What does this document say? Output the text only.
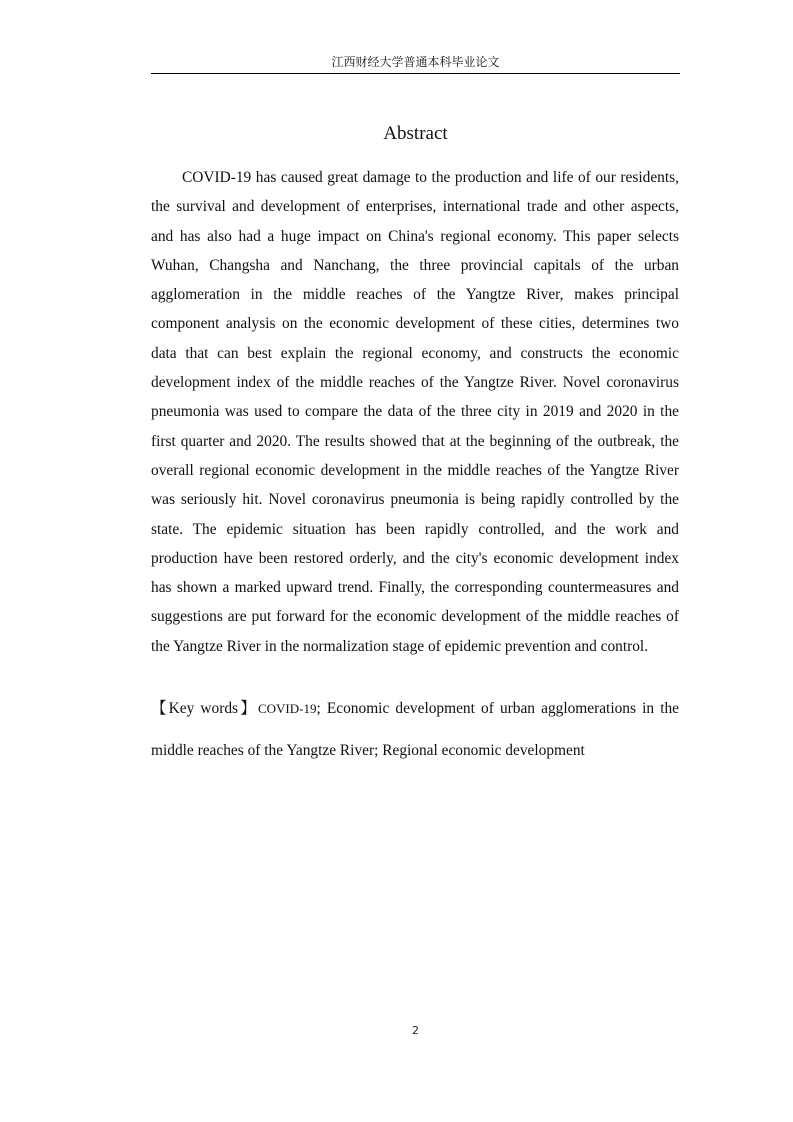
江西财经大学普通本科毕业论文
Abstract

COVID-19 has caused great damage to the production and life of our residents, the survival and development of enterprises, international trade and other aspects, and has also had a huge impact on China's regional economy. This paper selects Wuhan, Changsha and Nanchang, the three provincial capitals of the urban agglomeration in the middle reaches of the Yangtze River, makes principal component analysis on the economic development of these cities, determines two data that can best explain the regional economy, and constructs the economic development index of the middle reaches of the Yangtze River. Novel coronavirus pneumonia was used to compare the data of the three city in 2019 and 2020 in the first quarter and 2020. The results showed that at the beginning of the outbreak, the overall regional economic development in the middle reaches of the Yangtze River was seriously hit. Novel coronavirus pneumonia is being rapidly controlled by the state. The epidemic situation has been rapidly controlled, and the work and production have been restored orderly, and the city's economic development index has shown a marked upward trend. Finally, the corresponding countermeasures and suggestions are put forward for the economic development of the middle reaches of the Yangtze River in the normalization stage of epidemic prevention and control.

【Key words】COVID-19; Economic development of urban agglomerations in the middle reaches of the Yangtze River; Regional economic development

2
